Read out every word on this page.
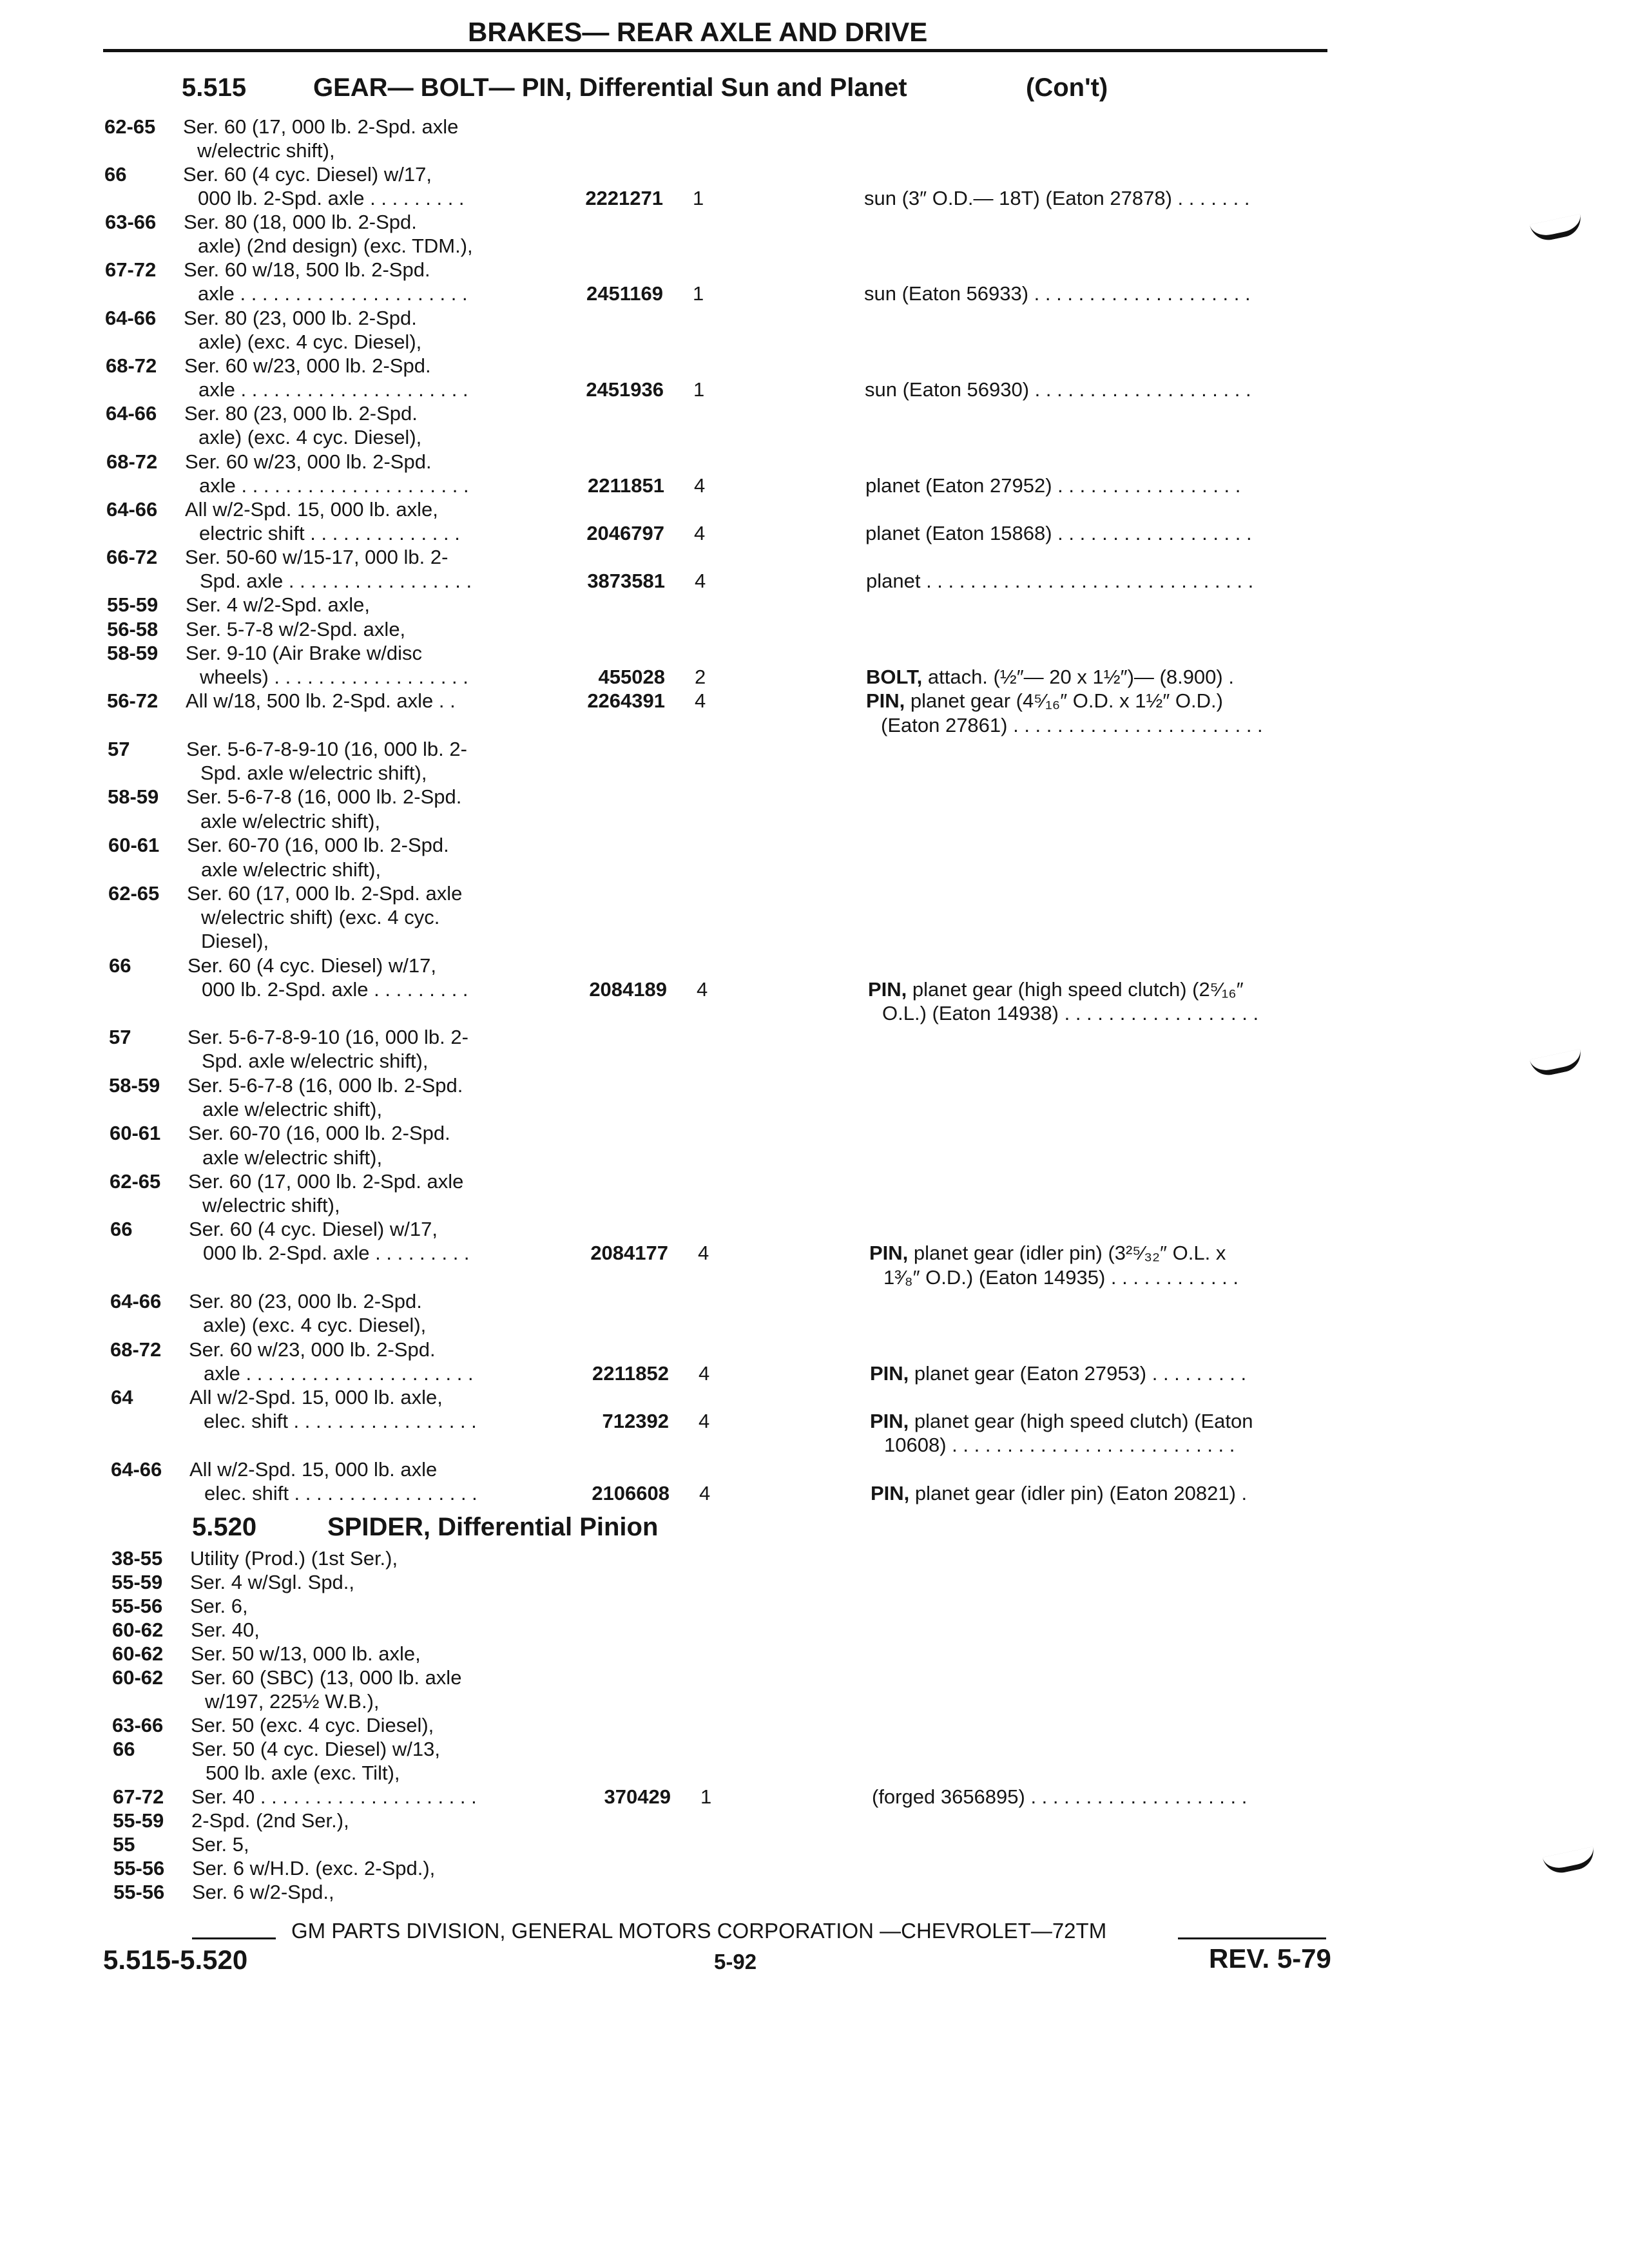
BRAKES— REAR AXLE AND DRIVE
5.515	GEAR— BOLT— PIN, Differential Sun and Planet	(Con't)
5.520	SPIDER, Differential Pinion
62-65 Ser. 60 (17, 000 lb. 2-Spd. axle
w/electric shift),
66	Ser. 60 (4 cyc. Diesel) w/17,
000 lb. 2-Spd. axle . . . . . . . . .	2221271 1	sun (3″ O.D.— 18T) (Eaton 27878) . . . . . . .
63-66 Ser. 80 (18, 000 lb. 2-Spd.
axle) (2nd design) (exc. TDM.),
67-72 Ser. 60 w/18, 500 lb. 2-Spd.
axle . . . . . . . . . . . . . . . . . . . . .	2451169 1	sun (Eaton 56933) . . . . . . . . . . . . . . . . . . . .
64-66 Ser. 80 (23, 000 lb. 2-Spd.
axle) (exc. 4 cyc. Diesel),
68-72 Ser. 60 w/23, 000 lb. 2-Spd.
axle . . . . . . . . . . . . . . . . . . . . .	2451936 1	sun (Eaton 56930) . . . . . . . . . . . . . . . . . . . .
64-66 Ser. 80 (23, 000 lb. 2-Spd.
axle) (exc. 4 cyc. Diesel),
68-72 Ser. 60 w/23, 000 lb. 2-Spd.
axle . . . . . . . . . . . . . . . . . . . . .	2211851 4	planet (Eaton 27952) . . . . . . . . . . . . . . . . .
64-66 All w/2-Spd. 15, 000 lb. axle,
electric shift . . . . . . . . . . . . . .	2046797 4	planet (Eaton 15868) . . . . . . . . . . . . . . . . . .
66-72 Ser. 50-60 w/15-17, 000 lb. 2-
Spd. axle . . . . . . . . . . . . . . . . .	3873581 4	planet . . . . . . . . . . . . . . . . . . . . . . . . . . . . . .
55-59 Ser. 4 w/2-Spd. axle,
56-58 Ser. 5-7-8 w/2-Spd. axle,
58-59 Ser. 9-10 (Air Brake w/disc
wheels) . . . . . . . . . . . . . . . . . .	455028 2	BOLT, attach. (½″— 20 x 1½″)— (8.900) .
56-72 All w/18, 500 lb. 2-Spd. axle . .	2264391 4	PIN, planet gear (4⁵⁄₁₆″ O.D. x 1½″ O.D.)
(Eaton 27861) . . . . . . . . . . . . . . . . . . . . . . .
57	Ser. 5-6-7-8-9-10 (16, 000 lb. 2-
Spd. axle w/electric shift),
58-59 Ser. 5-6-7-8 (16, 000 lb. 2-Spd.
axle w/electric shift),
60-61 Ser. 60-70 (16, 000 lb. 2-Spd.
axle w/electric shift),
62-65 Ser. 60 (17, 000 lb. 2-Spd. axle
w/electric shift) (exc. 4 cyc.
Diesel),
66	Ser. 60 (4 cyc. Diesel) w/17,
000 lb. 2-Spd. axle . . . . . . . . .	2084189 4	PIN, planet gear (high speed clutch) (2⁵⁄₁₆″
O.L.) (Eaton 14938) . . . . . . . . . . . . . . . . . .
57	Ser. 5-6-7-8-9-10 (16, 000 lb. 2-
Spd. axle w/electric shift),
58-59 Ser. 5-6-7-8 (16, 000 lb. 2-Spd.
axle w/electric shift),
60-61 Ser. 60-70 (16, 000 lb. 2-Spd.
axle w/electric shift),
62-65 Ser. 60 (17, 000 lb. 2-Spd. axle
w/electric shift),
66	Ser. 60 (4 cyc. Diesel) w/17,
000 lb. 2-Spd. axle . . . . . . . . .	2084177 4	PIN, planet gear (idler pin) (3²⁵⁄₃₂″ O.L. x
1³⁄₈″ O.D.) (Eaton 14935) . . . . . . . . . . . .
64-66 Ser. 80 (23, 000 lb. 2-Spd.
axle) (exc. 4 cyc. Diesel),
68-72 Ser. 60 w/23, 000 lb. 2-Spd.
axle . . . . . . . . . . . . . . . . . . . . .	2211852 4	PIN, planet gear (Eaton 27953) . . . . . . . . .
64	All w/2-Spd. 15, 000 lb. axle,
elec. shift . . . . . . . . . . . . . . . . .	712392 4	PIN, planet gear (high speed clutch) (Eaton
10608) . . . . . . . . . . . . . . . . . . . . . . . . . .
64-66 All w/2-Spd. 15, 000 lb. axle
elec. shift . . . . . . . . . . . . . . . . .	2106608 4	PIN, planet gear (idler pin) (Eaton 20821) .
38-55 Utility (Prod.) (1st Ser.),
55-59 Ser. 4 w/Sgl. Spd.,
55-56 Ser. 6,
60-62 Ser. 40,
60-62 Ser. 50 w/13, 000 lb. axle,
60-62 Ser. 60 (SBC) (13, 000 lb. axle
w/197, 225½ W.B.),
63-66 Ser. 50 (exc. 4 cyc. Diesel),
66	Ser. 50 (4 cyc. Diesel) w/13,
500 lb. axle (exc. Tilt),
67-72 Ser. 40 . . . . . . . . . . . . . . . . . . . .	370429 1	(forged 3656895) . . . . . . . . . . . . . . . . . . . .
55-59 2-Spd. (2nd Ser.),
55	Ser. 5,
55-56 Ser. 6 w/H.D. (exc. 2-Spd.),
55-56 Ser. 6 w/2-Spd.,
GM PARTS DIVISION, GENERAL MOTORS CORPORATION —CHEVROLET—72TM
5.515-5.520	5-92	REV. 5-79
